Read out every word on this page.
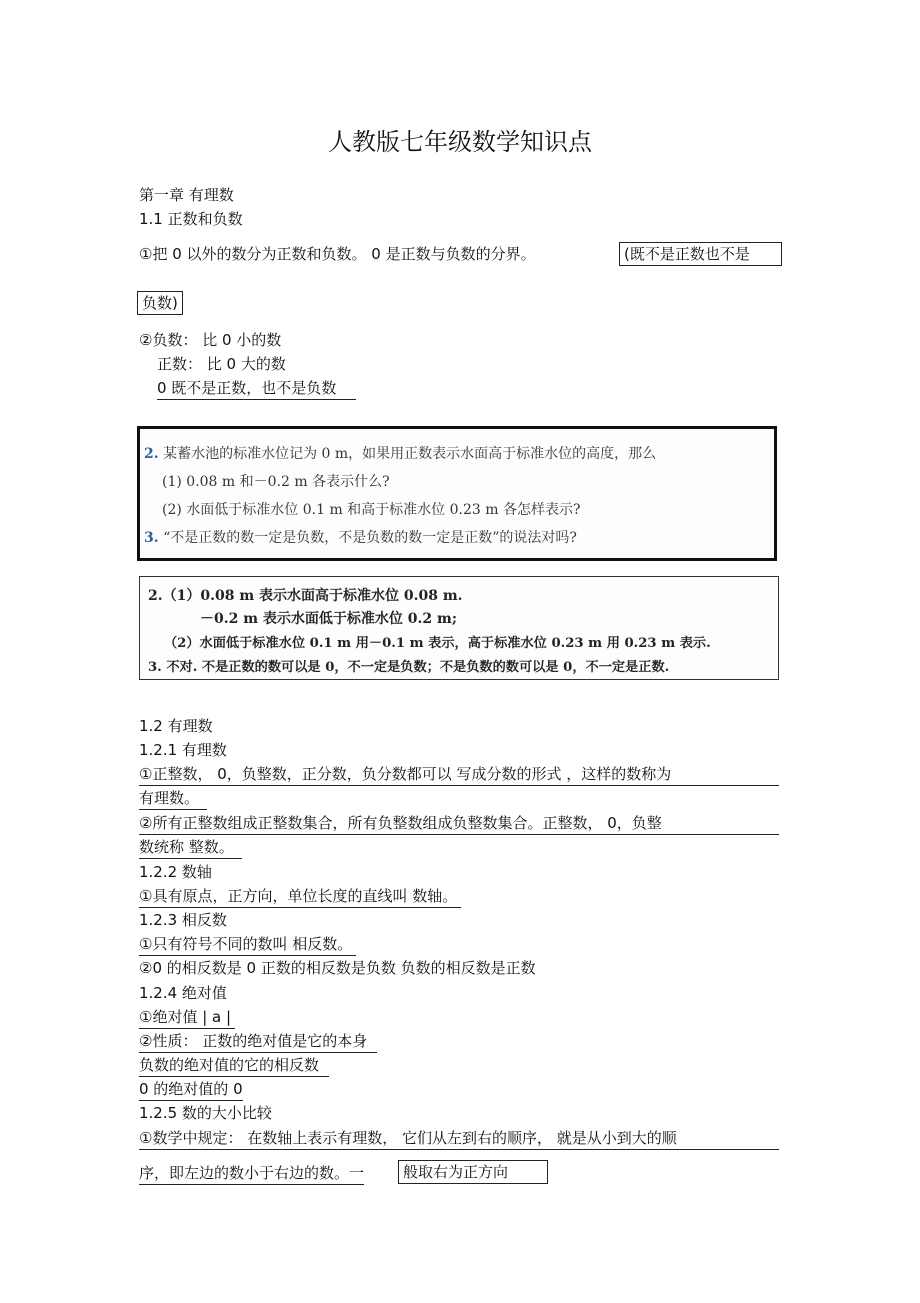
人教版七年级数学知识点
第一章 有理数
1.1 正数和负数
①把 0 以外的数分为正数和负数。 0 是正数与负数的分界。	(既不是正数也不是
负数)
②负数： 比 0 小的数
正数： 比 0 大的数
0 既不是正数，也不是负数
2. 某蓄水池的标准水位记为 0 m，如果用正数表示水面高于标准水位的高度，那么
(1) 0.08 m 和－0.2 m 各表示什么?
(2) 水面低于标准水位 0.1 m 和高于标准水位 0.23 m 各怎样表示?
3. “不是正数的数一定是负数，不是负数的数一定是正数”的说法对吗?
2.（1）0.08 m 表示水面高于标准水位 0.08 m.
－0.2 m 表示水面低于标准水位 0.2 m;
（2）水面低于标准水位 0.1 m 用－0.1 m 表示，高于标准水位 0.23 m 用 0.23 m 表示.
3. 不对. 不是正数的数可以是 0，不一定是负数；不是负数的数可以是 0，不一定是正数.
1.2 有理数
1.2.1 有理数
①正整数， 0，负整数，正分数，负分数都可以 写成分数的形式 ，这样的数称为
有理数。
②所有正整数组成正整数集合，所有负整数组成负整数集合。正整数， 0，负整
数统称 整数。
1.2.2 数轴
①具有原点，正方向，单位长度的直线叫 数轴。
1.2.3 相反数
①只有符号不同的数叫 相反数。
②0 的相反数是 0 正数的相反数是负数 负数的相反数是正数
1.2.4 绝对值
①绝对值 | a |
②性质： 正数的绝对值是它的本身
负数的绝对值的它的相反数
0 的绝对值的 0
1.2.5 数的大小比较
①数学中规定： 在数轴上表示有理数， 它们从左到右的顺序， 就是从小到大的顺
序，即左边的数小于右边的数。一	般取右为正方向
